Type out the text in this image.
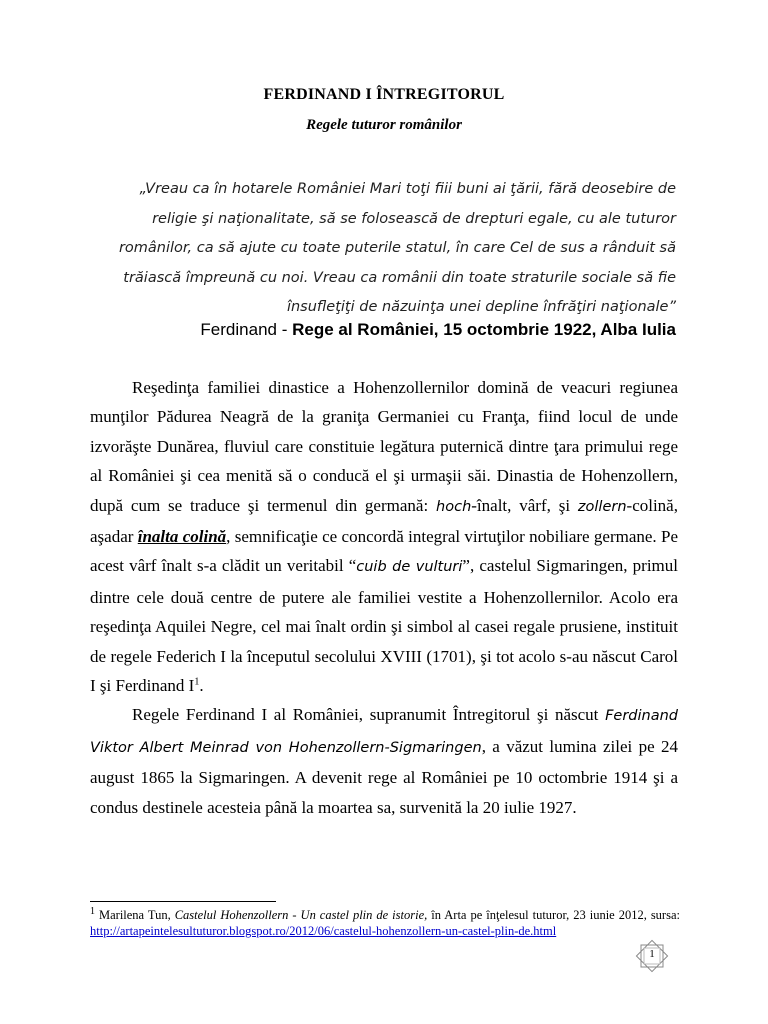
FERDINAND I ÎNTREGITORUL
Regele tuturor românilor
„Vreau ca în hotarele României Mari toţi fiii buni ai ţării, fără deosebire de religie şi naţionalitate, să se folosească de drepturi egale, cu ale tuturor românilor, ca să ajute cu toate puterile statul, în care Cel de sus a rânduit să trăiască împreună cu noi. Vreau ca românii din toate straturile sociale să fie însufleţiţi de năzuinţa unei depline înfrăţiri naţionale”
Ferdinand - Rege al României, 15 octombrie 1922, Alba Iulia

Reşedinţa familiei dinastice a Hohenzollernilor domină de veacuri regiunea munţilor Pădurea Neagră de la graniţa Germaniei cu Franţa, fiind locul de unde izvorăşte Dunărea, fluviul care constituie legătura puternică dintre ţara primului rege al României şi cea menită să o conducă el şi urmaşii săi. Dinastia de Hohenzollern, după cum se traduce şi termenul din germană: hoch-înalt, vârf, şi zollern-colină, aşadar înalta colină, semnificaţie ce concordă integral virtuţilor nobiliare germane. Pe acest vârf înalt s-a clădit un veritabil “cuib de vulturi”, castelul Sigmaringen, primul dintre cele două centre de putere ale familiei vestite a Hohenzollernilor. Acolo era reşedinţa Aquilei Negre, cel mai înalt ordin şi simbol al casei regale prusiene, instituit de regele Federich I la începutul secolului XVIII (1701), şi tot acolo s-au născut Carol I şi Ferdinand $I^1$.

Regele Ferdinand I al României, supranumit Întregitorul şi născut Ferdinand Viktor Albert Meinrad von Hohenzollern-Sigmaringen, a văzut lumina zilei pe 24 august 1865 la Sigmaringen. A devenit rege al României pe 10 octombrie 1914 şi a condus destinele acesteia până la moartea sa, survenită la 20 iulie 1927.

$^1$ Marilena Tun, Castelul Hohenzollern - Un castel plin de istorie, în Arta pe înţelesul tuturor, 23 iunie 2012, sursa: http://artapeintelesultuturor.blogspot.ro/2012/06/castelul-hohenzollern-un-castel-plin-de.html
1
